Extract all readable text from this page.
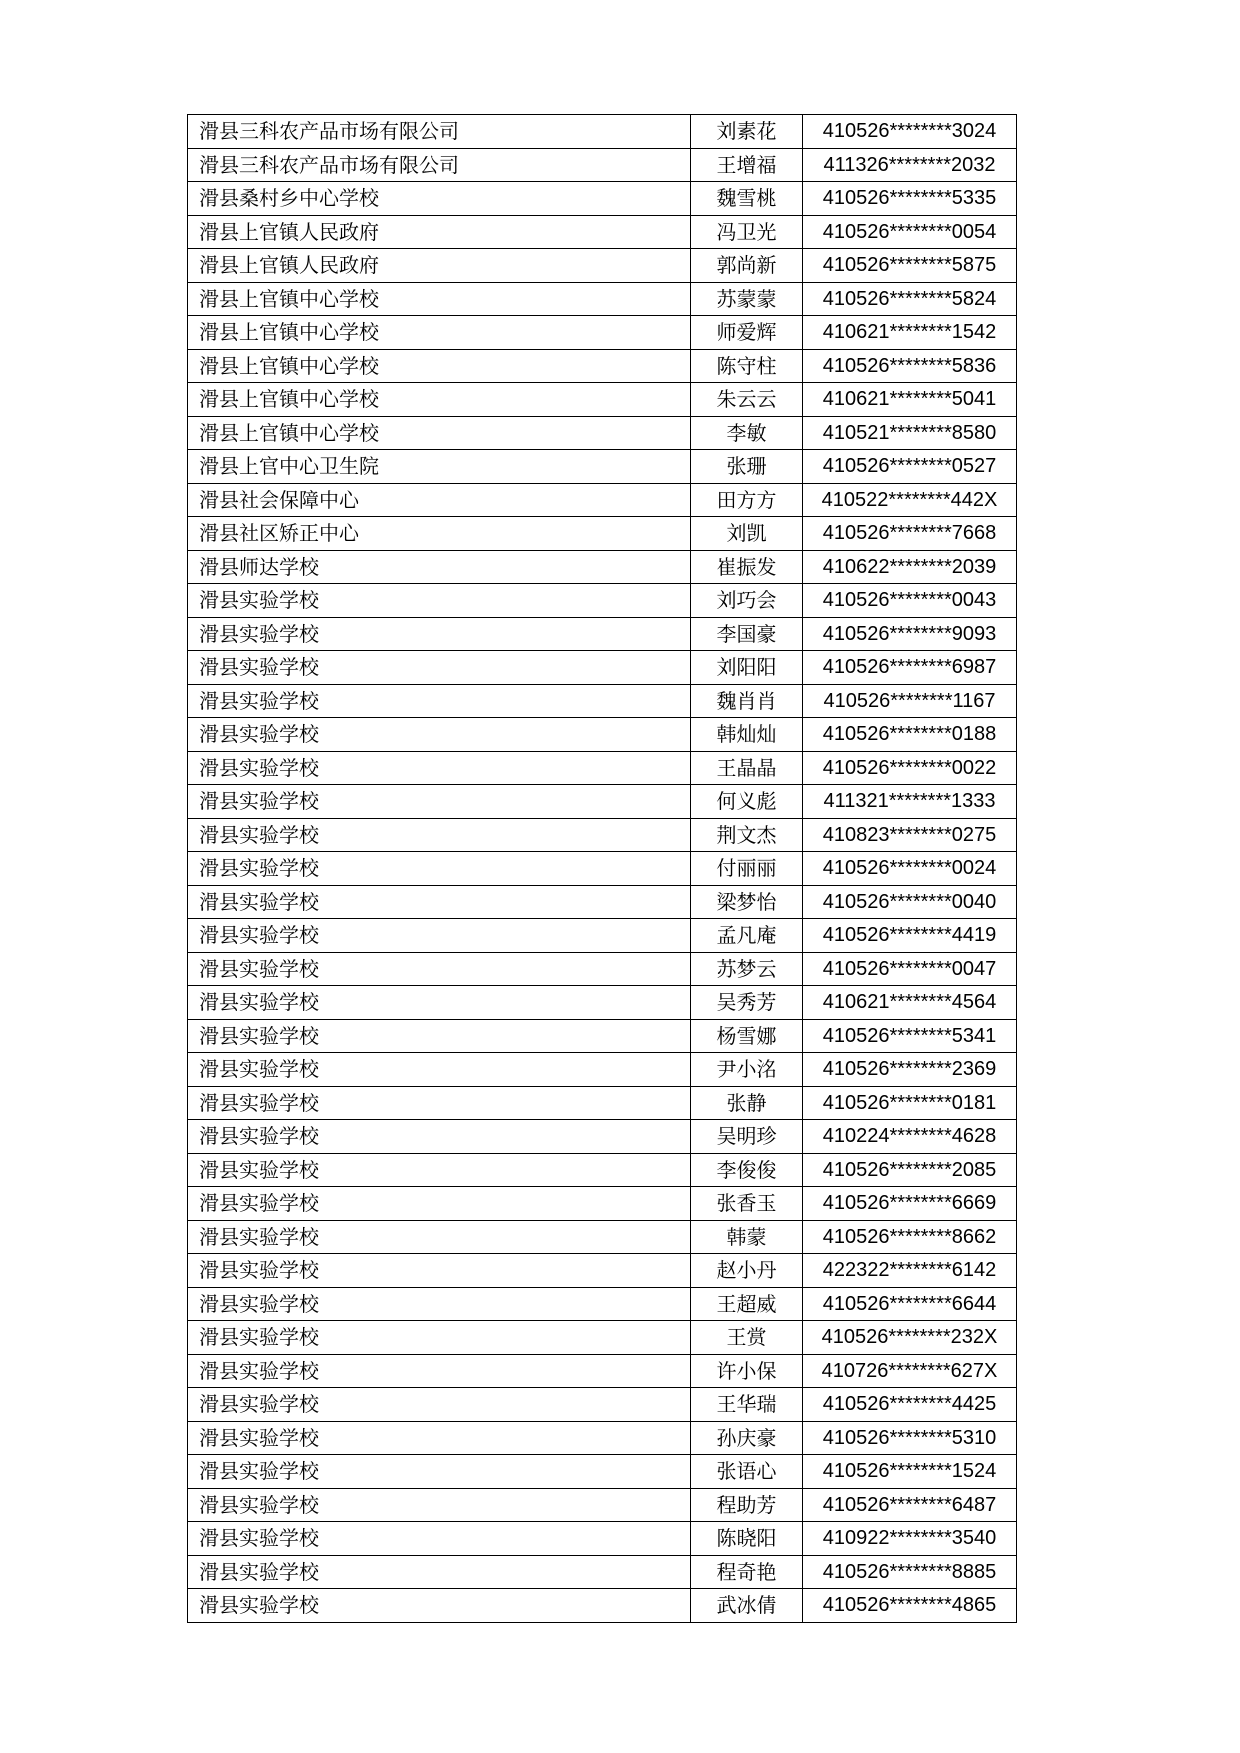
滑县三科农产品市场有限公司	刘素花	410526********3024
滑县三科农产品市场有限公司	王增福	411326********2032
滑县桑村乡中心学校	魏雪桃	410526********5335
滑县上官镇人民政府	冯卫光	410526********0054
滑县上官镇人民政府	郭尚新	410526********5875
滑县上官镇中心学校	苏蒙蒙	410526********5824
滑县上官镇中心学校	师爱辉	410621********1542
滑县上官镇中心学校	陈守柱	410526********5836
滑县上官镇中心学校	朱云云	410621********5041
滑县上官镇中心学校	李敏	410521********8580
滑县上官中心卫生院	张珊	410526********0527
滑县社会保障中心	田方方	410522********442X
滑县社区矫正中心	刘凯	410526********7668
滑县师达学校	崔振发	410622********2039
滑县实验学校	刘巧会	410526********0043
滑县实验学校	李国豪	410526********9093
滑县实验学校	刘阳阳	410526********6987
滑县实验学校	魏肖肖	410526********1167
滑县实验学校	韩灿灿	410526********0188
滑县实验学校	王晶晶	410526********0022
滑县实验学校	何义彪	411321********1333
滑县实验学校	荆文杰	410823********0275
滑县实验学校	付丽丽	410526********0024
滑县实验学校	梁梦怡	410526********0040
滑县实验学校	孟凡庵	410526********4419
滑县实验学校	苏梦云	410526********0047
滑县实验学校	吴秀芳	410621********4564
滑县实验学校	杨雪娜	410526********5341
滑县实验学校	尹小洺	410526********2369
滑县实验学校	张静	410526********0181
滑县实验学校	吴明珍	410224********4628
滑县实验学校	李俊俊	410526********2085
滑县实验学校	张香玉	410526********6669
滑县实验学校	韩蒙	410526********8662
滑县实验学校	赵小丹	422322********6142
滑县实验学校	王超威	410526********6644
滑县实验学校	王赏	410526********232X
滑县实验学校	许小保	410726********627X
滑县实验学校	王华瑞	410526********4425
滑县实验学校	孙庆豪	410526********5310
滑县实验学校	张语心	410526********1524
滑县实验学校	程助芳	410526********6487
滑县实验学校	陈晓阳	410922********3540
滑县实验学校	程奇艳	410526********8885
滑县实验学校	武冰倩	410526********4865
